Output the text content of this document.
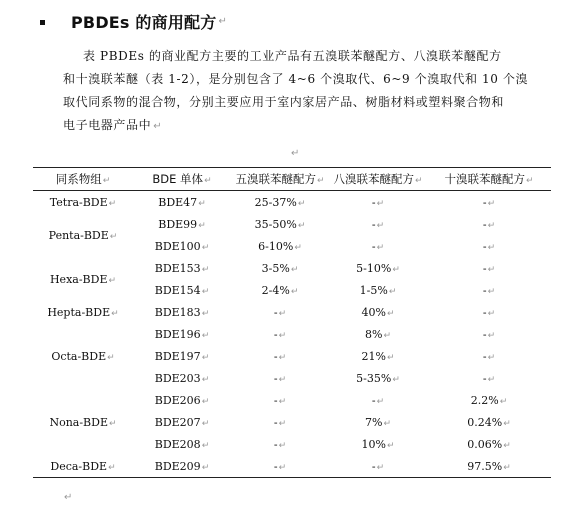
PBDEs 的商用配方 ↵
表 PBDEs 的商业配方主要的工业产品有五溴联苯醚配方、八溴联苯醚配方
和十溴联苯醚（表 1-2），是分别包含了 4~6 个溴取代、6~9 个溴取代和 10 个溴
取代同系物的混合物，分别主要应用于室内家居产品、树脂材料或塑料聚合物和
电子电器产品中 ↵
↵
同系物组↵	BDE 单体↵	五溴联苯醚配方↵	八溴联苯醚配方↵	十溴联苯醚配方↵
Tetra-BDE↵	BDE47↵	25-37%↵	-↵	-↵
Penta-BDE↵	BDE99↵	35-50%↵	-↵	-↵
	BDE100↵	6-10%↵	-↵	-↵
Hexa-BDE↵	BDE153↵	3-5%↵	5-10%↵	-↵
	BDE154↵	2-4%↵	1-5%↵	-↵
Hepta-BDE↵	BDE183↵	-↵	40%↵	-↵
Octa-BDE↵	BDE196↵	-↵	8%↵	-↵
	BDE197↵	-↵	21%↵	-↵
	BDE203↵	-↵	5-35%↵	-↵
Nona-BDE↵	BDE206↵	-↵	-↵	2.2%↵
	BDE207↵	-↵	7%↵	0.24%↵
	BDE208↵	-↵	10%↵	0.06%↵
Deca-BDE↵	BDE209↵	-↵	-↵	97.5%↵
↵
